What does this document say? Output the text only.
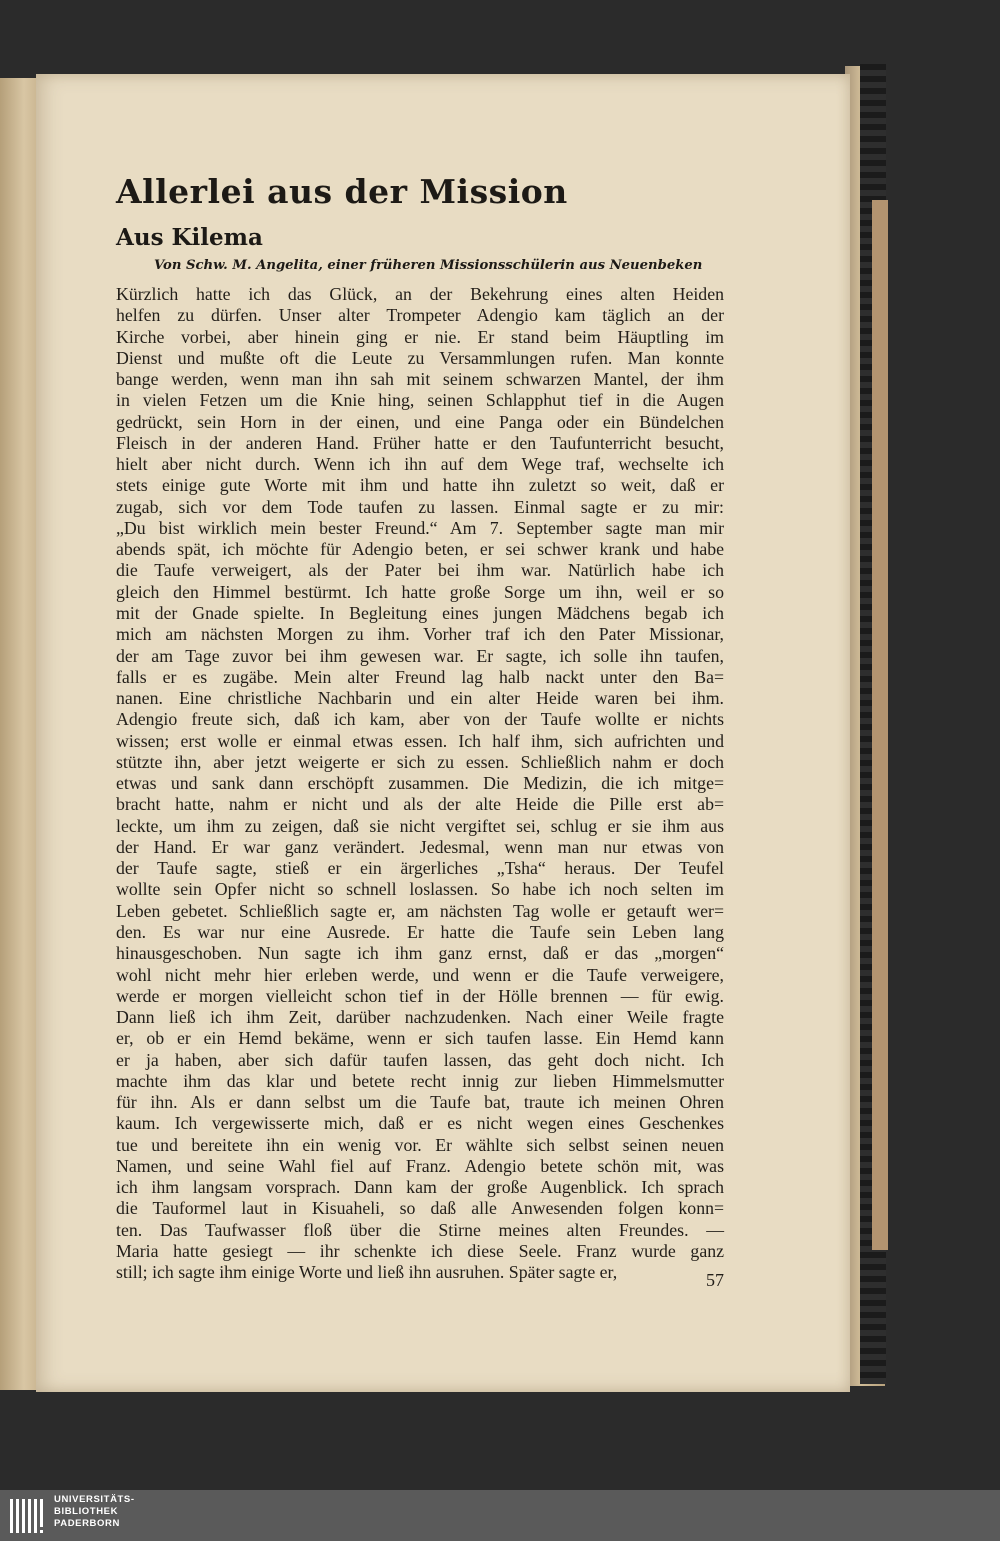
Allerlei aus der Mission
Aus Kilema

Von Schw. M. Angelita, einer früheren Missionsschülerin aus Neuenbeken

Kürzlich hatte ich das Glück, an der Bekehrung eines alten Heiden
helfen zu dürfen. Unser alter Trompeter Adengio kam täglich an der
Kirche vorbei, aber hinein ging er nie. Er stand beim Häuptling im
Dienst und mußte oft die Leute zu Versammlungen rufen. Man konnte
bange werden, wenn man ihn sah mit seinem schwarzen Mantel, der ihm
in vielen Fetzen um die Knie hing, seinen Schlapphut tief in die Augen
gedrückt, sein Horn in der einen, und eine Panga oder ein Bündelchen
Fleisch in der anderen Hand. Früher hatte er den Taufunterricht besucht,
hielt aber nicht durch. Wenn ich ihn auf dem Wege traf, wechselte ich
stets einige gute Worte mit ihm und hatte ihn zuletzt so weit, daß er
zugab, sich vor dem Tode taufen zu lassen. Einmal sagte er zu mir:
„Du bist wirklich mein bester Freund.“ Am 7. September sagte man mir
abends spät, ich möchte für Adengio beten, er sei schwer krank und habe
die Taufe verweigert, als der Pater bei ihm war. Natürlich habe ich
gleich den Himmel bestürmt. Ich hatte große Sorge um ihn, weil er so
mit der Gnade spielte. In Begleitung eines jungen Mädchens begab ich
mich am nächsten Morgen zu ihm. Vorher traf ich den Pater Missionar,
der am Tage zuvor bei ihm gewesen war. Er sagte, ich solle ihn taufen,
falls er es zugäbe. Mein alter Freund lag halb nackt unter den Ba=
nanen. Eine christliche Nachbarin und ein alter Heide waren bei ihm.
Adengio freute sich, daß ich kam, aber von der Taufe wollte er nichts
wissen; erst wolle er einmal etwas essen. Ich half ihm, sich aufrichten und
stützte ihn, aber jetzt weigerte er sich zu essen. Schließlich nahm er doch
etwas und sank dann erschöpft zusammen. Die Medizin, die ich mitge=
bracht hatte, nahm er nicht und als der alte Heide die Pille erst ab=
leckte, um ihm zu zeigen, daß sie nicht vergiftet sei, schlug er sie ihm aus
der Hand. Er war ganz verändert. Jedesmal, wenn man nur etwas von
der Taufe sagte, stieß er ein ärgerliches „Tsha“ heraus. Der Teufel
wollte sein Opfer nicht so schnell loslassen. So habe ich noch selten im
Leben gebetet. Schließlich sagte er, am nächsten Tag wolle er getauft wer=
den. Es war nur eine Ausrede. Er hatte die Taufe sein Leben lang
hinausgeschoben. Nun sagte ich ihm ganz ernst, daß er das „morgen“
wohl nicht mehr hier erleben werde, und wenn er die Taufe verweigere,
werde er morgen vielleicht schon tief in der Hölle brennen — für ewig.
Dann ließ ich ihm Zeit, darüber nachzudenken. Nach einer Weile fragte
er, ob er ein Hemd bekäme, wenn er sich taufen lasse. Ein Hemd kann
er ja haben, aber sich dafür taufen lassen, das geht doch nicht. Ich
machte ihm das klar und betete recht innig zur lieben Himmelsmutter
für ihn. Als er dann selbst um die Taufe bat, traute ich meinen Ohren
kaum. Ich vergewisserte mich, daß er es nicht wegen eines Geschenkes
tue und bereitete ihn ein wenig vor. Er wählte sich selbst seinen neuen
Namen, und seine Wahl fiel auf Franz. Adengio betete schön mit, was
ich ihm langsam vorsprach. Dann kam der große Augenblick. Ich sprach
die Tauformel laut in Kisuaheli, so daß alle Anwesenden folgen konn=
ten. Das Taufwasser floß über die Stirne meines alten Freundes. —
Maria hatte gesiegt — ihr schenkte ich diese Seele. Franz wurde ganz
still; ich sagte ihm einige Worte und ließ ihn ausruhen. Später sagte er,	57
UNIVERSITÄTS-
BIBLIOTHEK
PADERBORN
